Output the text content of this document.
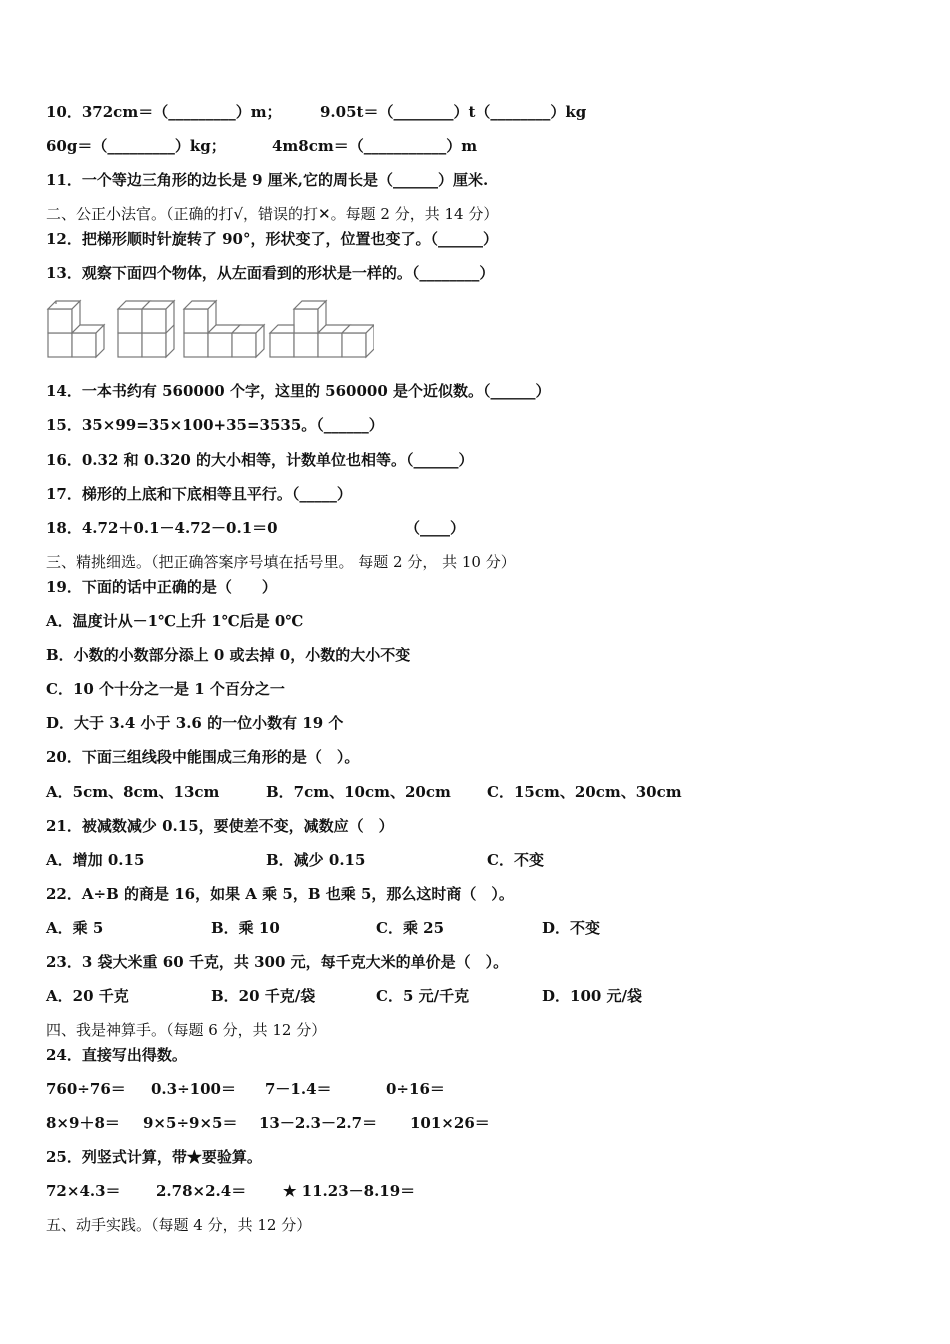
10．372cm＝（_________）m；	9.05t＝（________）t（________）kg
60g＝（_________）kg；	4m8cm＝（___________）m
11．一个等边三角形的边长是 9 厘米,它的周长是（______）厘米.
二、公正小法官。（正确的打√，错误的打✕。每题 2 分，共 14 分）
12．把梯形顺时针旋转了 90°，形状变了，位置也变了。（______）
13．观察下面四个物体，从左面看到的形状是一样的。（________）
14．一本书约有 560000 个字，这里的 560000 是个近似数。（______）
15．35×99=35×100+35=3535。（______）
16．0.32 和 0.320 的大小相等，计数单位也相等。（______）
17．梯形的上底和下底相等且平行。（_____）
18．4.72＋0.1－4.72－0.1＝0	（____）
三、精挑细选。（把正确答案序号填在括号里。 每题 2 分， 共 10 分）
19．下面的话中正确的是（　　）
A．温度计从－1℃上升 1℃后是 0℃
B．小数的小数部分添上 0 或去掉 0，小数的大小不变
C．10 个十分之一是 1 个百分之一
D．大于 3.4 小于 3.6 的一位小数有 19 个
20．下面三组线段中能围成三角形的是（　）。
A．5cm、8cm、13cm	B．7cm、10cm、20cm C．15cm、20cm、30cm
21．被减数减少 0.15，要使差不变，减数应（　）
A．增加 0.15	B．减少 0.15	C．不变
22．A÷B 的商是 16，如果 A 乘 5，B 也乘 5，那么这时商（　）。
A．乘 5	B．乘 10	C．乘 25	D．不变
23．3 袋大米重 60 千克，共 300 元，每千克大米的单价是（　）。
A．20 千克	B．20 千克/袋	C．5 元/千克	D．100 元/袋
四、我是神算手。（每题 6 分，共 12 分）
24．直接写出得数。
760÷76＝ 0.3÷100＝ 7－1.4＝	0÷16＝
8×9＋8＝ 9×5÷9×5＝ 13－2.3－2.7＝ 101×26＝
25．列竖式计算，带★要验算。
72×4.3＝ 2.78×2.4＝ ★ 11.23－8.19＝
五、动手实践。（每题 4 分，共 12 分）
